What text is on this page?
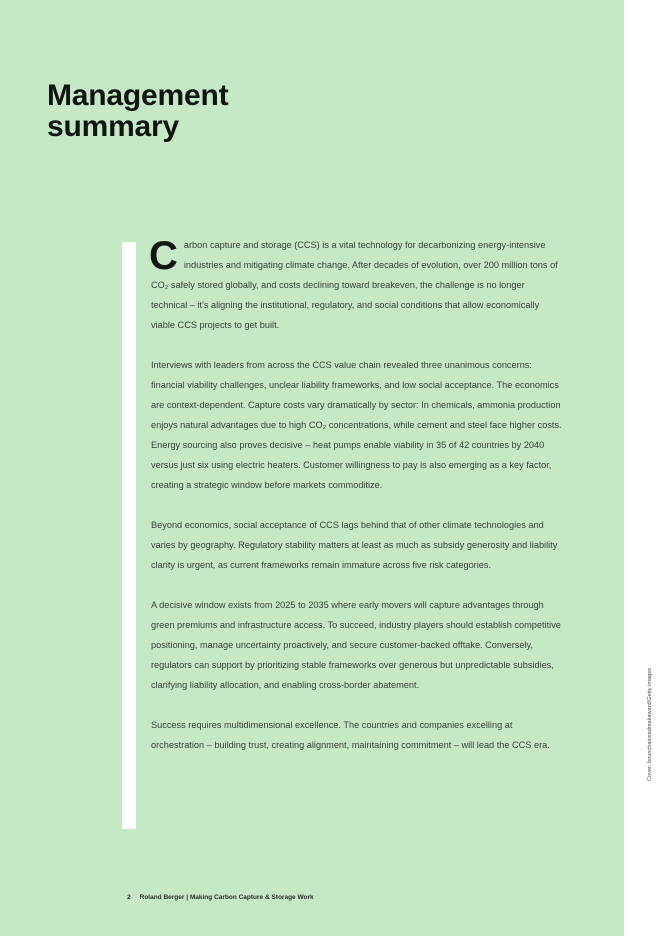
Management
summary

Carbon capture and storage (CCS) is a vital technology for decarbonizing energy-intensive industries and mitigating climate change. After decades of evolution, over 200 million tons of CO₂ safely stored globally, and costs declining toward breakeven, the challenge is no longer technical – it's aligning the institutional, regulatory, and social conditions that allow economically viable CCS projects to get built.

Interviews with leaders from across the CCS value chain revealed three unanimous concerns: financial viability challenges, unclear liability frameworks, and low social acceptance. The economics are context-dependent. Capture costs vary dramatically by sector: In chemicals, ammonia production enjoys natural advantages due to high CO₂ concentrations, while cement and steel face higher costs. Energy sourcing also proves decisive – heat pumps enable viability in 35 of 42 countries by 2040 versus just six using electric heaters. Customer willingness to pay is also emerging as a key factor, creating a strategic window before markets commoditize.

Beyond economics, social acceptance of CCS lags behind that of other climate technologies and varies by geography. Regulatory stability matters at least as much as subsidy generosity and liability clarity is urgent, as current frameworks remain immature across five risk categories.

A decisive window exists from 2025 to 2035 where early movers will capture advantages through green premiums and infrastructure access. To succeed, industry players should establish competitive positioning, manage uncertainty proactively, and secure customer-backed offtake. Conversely, regulators can support by prioritizing stable frameworks over generous but unpredictable subsidies, clarifying liability allocation, and enabling cross-border abatement.

Success requires multidimensional excellence. The countries and companies excelling at orchestration – building trust, creating alignment, maintaining commitment – will lead the CCS era.

2 Roland Berger | Making Carbon Capture & Storage Work
Cover: bounchaiveadmakaward/Getty images
